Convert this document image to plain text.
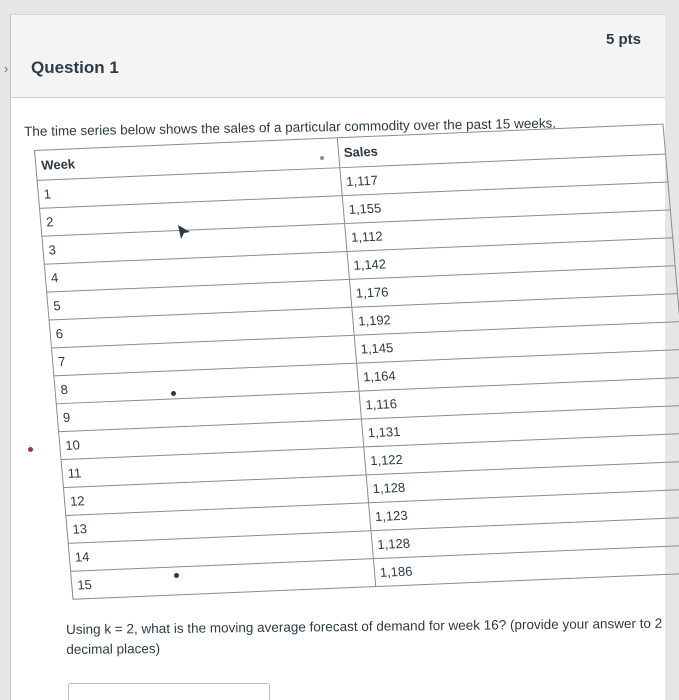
›	Question 1
5 pts
The time series below shows the sales of a particular commodity over the past 15 weeks.
Week	Sales
1	1,117
2	1,155
3	1,112
4	1,142
5	1,176
6	1,192
7	1,145
8	1,164
9	1,116
10	1,131
11	1,122
12	1,128
13	1,123
14	1,128
15	1,186
Using k = 2, what is the moving average forecast of demand for week 16? (provide your answer to 2 decimal places)
